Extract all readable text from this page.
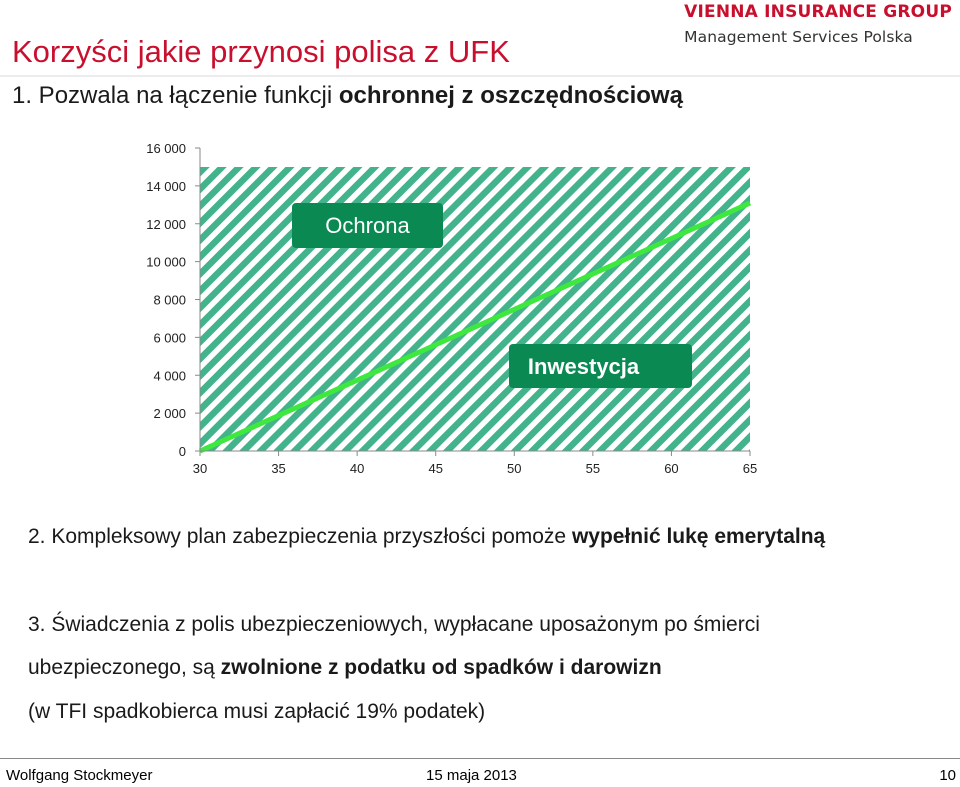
VIENNA INSURANCE GROUP
Management Services Polska
Korzyści jakie przynosi polisa z UFK
1. Pozwala na łączenie funkcji ochronnej z oszczędnościową
0
2 000
4 000
6 000
8 000
10 000
12 000
14 000
16 000
30	35	40	45	50	55	60	65
Ochrona
Inwestycja
2. Kompleksowy plan zabezpieczenia przyszłości pomoże wypełnić lukę emerytalną
3. Świadczenia z polis ubezpieczeniowych, wypłacane uposażonym po śmierci
ubezpieczonego, są zwolnione z podatku od spadków i darowizn
(w TFI spadkobierca musi zapłacić 19% podatek)
Wolfgang Stockmeyer	15 maja 2013	10
